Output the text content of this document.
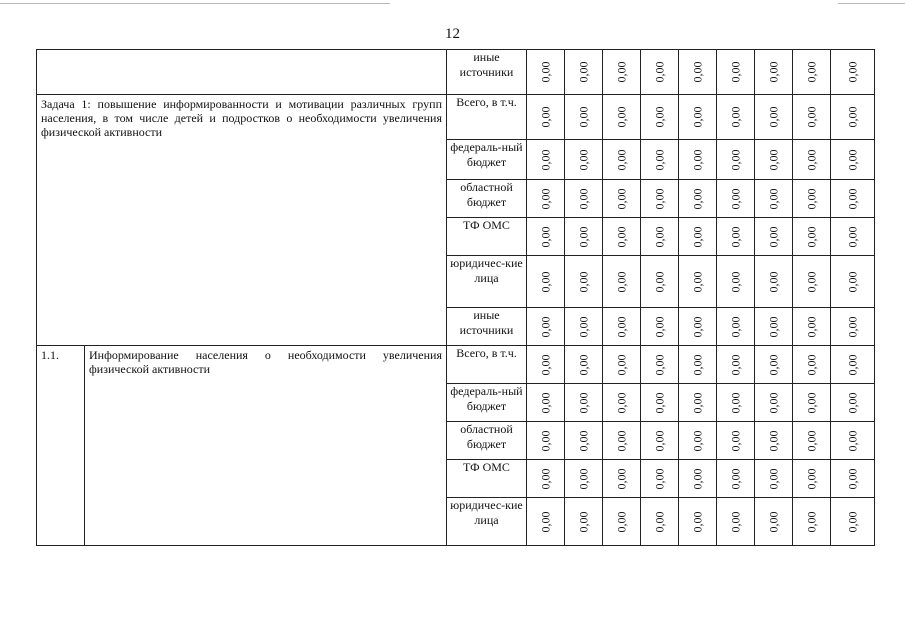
12
		иные источники	0,00	0,00	0,00	0,00	0,00	0,00	0,00	0,00	0,00

Задача 1: повышение информированности и мотивации различных групп населения, в том числе детей и подростков о необходимости увеличения физической активности		Всего, в т.ч.	0,00	0,00	0,00	0,00	0,00	0,00	0,00	0,00	0,00

		федераль-ный бюджет	0,00	0,00	0,00	0,00	0,00	0,00	0,00	0,00	0,00

		областной бюджет	0,00	0,00	0,00	0,00	0,00	0,00	0,00	0,00	0,00

		ТФ ОМС	0,00	0,00	0,00	0,00	0,00	0,00	0,00	0,00	0,00

		юридичес-кие лица	0,00	0,00	0,00	0,00	0,00	0,00	0,00	0,00	0,00

		иные источники	0,00	0,00	0,00	0,00	0,00	0,00	0,00	0,00	0,00

1.1.	Информирование населения о необходимости увеличения физической активности	Всего, в т.ч.	0,00	0,00	0,00	0,00	0,00	0,00	0,00	0,00	0,00

		федераль-ный бюджет	0,00	0,00	0,00	0,00	0,00	0,00	0,00	0,00	0,00

		областной бюджет	0,00	0,00	0,00	0,00	0,00	0,00	0,00	0,00	0,00

		ТФ ОМС	0,00	0,00	0,00	0,00	0,00	0,00	0,00	0,00	0,00

		юридичес-кие лица	0,00	0,00	0,00	0,00	0,00	0,00	0,00	0,00	0,00
